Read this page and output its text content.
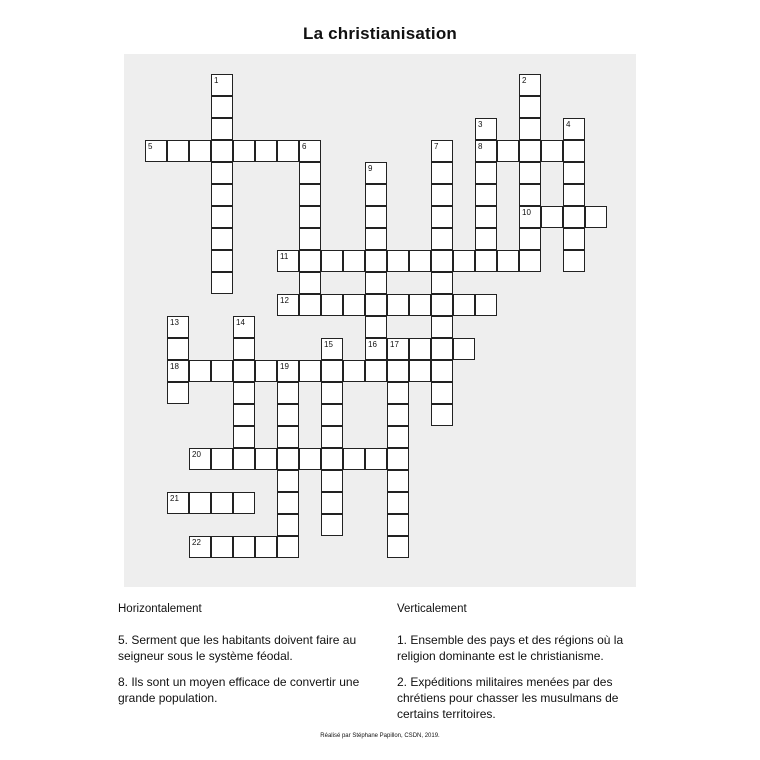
La christianisation
1	2
10
3
8
4
6	7
9
16
13
18
14
15	17
19
5
11
12
20
21
22
Horizontalement	Verticalement
5. Serment que les habitants doivent faire au seigneur sous le système féodal.
8. Ils sont un moyen efficace de convertir une grande population.
1. Ensemble des pays et des régions où la religion dominante est le christianisme.
2. Expéditions militaires menées par des chrétiens pour chasser les musulmans de certains territoires.
Réalisé par Stéphane Papillon, CSDN, 2019.
